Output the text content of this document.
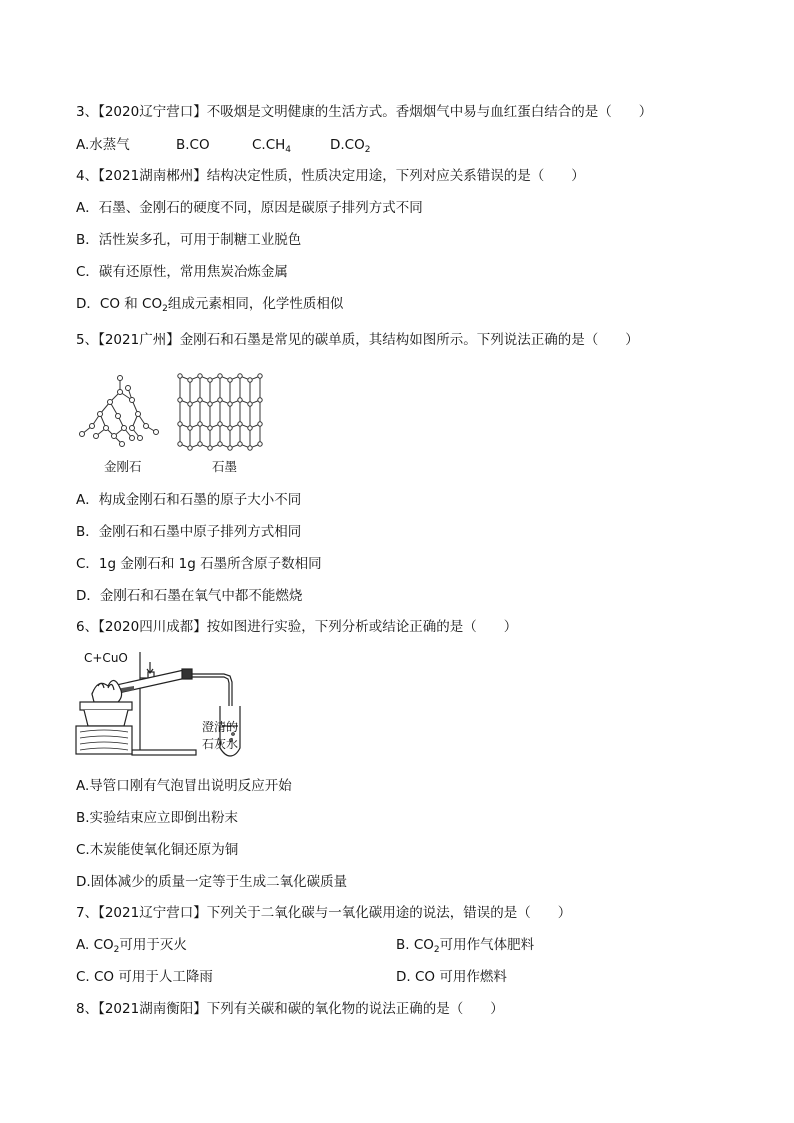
3、【2020辽宁营口】不吸烟是文明健康的生活方式。香烟烟气中易与血红蛋白结合的是（　　）
A.水蒸气	B.CO	$C.CH_4$	$D.CO_2$
4、【2021湖南郴州】结构决定性质，性质决定用途，下列对应关系错误的是（　　）
A．石墨、金刚石的硬度不同，原因是碳原子排列方式不同
B．活性炭多孔，可用于制糖工业脱色
C．碳有还原性，常用焦炭冶炼金属
D．CO 和 $CO_2$组成元素相同，化学性质相似
5、【2021广州】金刚石和石墨是常见的碳单质，其结构如图所示。下列说法正确的是（　　）
金刚石	石墨
A．构成金刚石和石墨的原子大小不同
B．金刚石和石墨中原子排列方式相同
C．1g 金刚石和 1g 石墨所含原子数相同
D．金刚石和石墨在氧气中都不能燃烧
6、【2020四川成都】按如图进行实验，下列分析或结论正确的是（　　）
C+CuO
澄清的
石灰水
A.导管口刚有气泡冒出说明反应开始
B.实验结束应立即倒出粉末
C.木炭能使氧化铜还原为铜
D.固体减少的质量一定等于生成二氧化碳质量
7、【2021辽宁营口】下列关于二氧化碳与一氧化碳用途的说法，错误的是（　　）
A. $CO_2$可用于灭火	B. $CO_2$可用作气体肥料
C. CO 可用于人工降雨	D. CO 可用作燃料
8、【2021湖南衡阳】下列有关碳和碳的氧化物的说法正确的是（　　）
